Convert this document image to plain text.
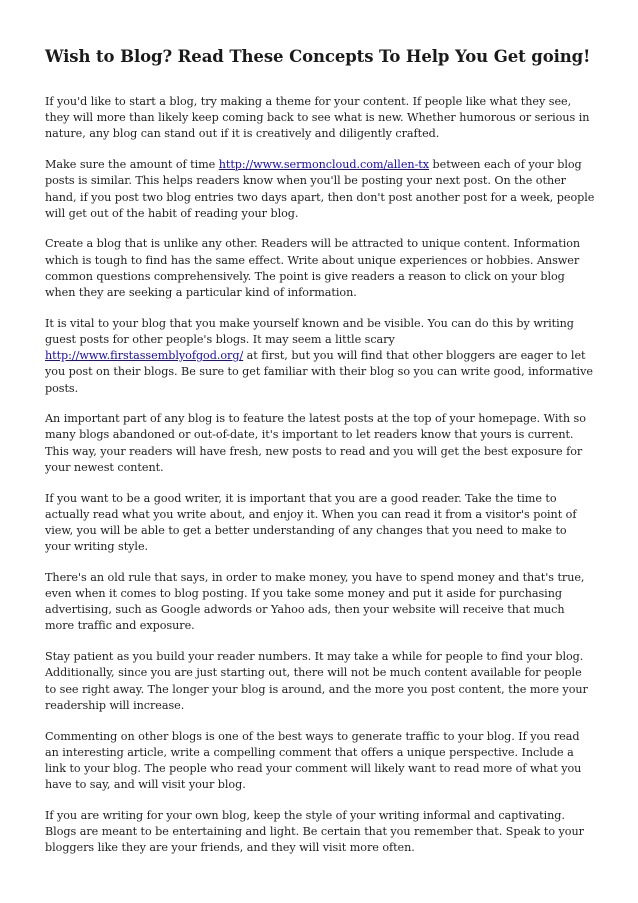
Wish to Blog? Read These Concepts To Help You Get going!

If you'd like to start a blog, try making a theme for your content. If people like what they see, they will more than likely keep coming back to see what is new. Whether humorous or serious in nature, any blog can stand out if it is creatively and diligently crafted.

Make sure the amount of time http://www.sermoncloud.com/allen-tx between each of your blog posts is similar. This helps readers know when you'll be posting your next post. On the other hand, if you post two blog entries two days apart, then don't post another post for a week, people will get out of the habit of reading your blog.

Create a blog that is unlike any other. Readers will be attracted to unique content. Information which is tough to find has the same effect. Write about unique experiences or hobbies. Answer common questions comprehensively. The point is give readers a reason to click on your blog when they are seeking a particular kind of information.

It is vital to your blog that you make yourself known and be visible. You can do this by writing guest posts for other people's blogs. It may seem a little scary http://www.firstassemblyofgod.org/ at first, but you will find that other bloggers are eager to let you post on their blogs. Be sure to get familiar with their blog so you can write good, informative posts.

An important part of any blog is to feature the latest posts at the top of your homepage. With so many blogs abandoned or out-of-date, it's important to let readers know that yours is current. This way, your readers will have fresh, new posts to read and you will get the best exposure for your newest content.

If you want to be a good writer, it is important that you are a good reader. Take the time to actually read what you write about, and enjoy it. When you can read it from a visitor's point of view, you will be able to get a better understanding of any changes that you need to make to your writing style.

There's an old rule that says, in order to make money, you have to spend money and that's true, even when it comes to blog posting. If you take some money and put it aside for purchasing advertising, such as Google adwords or Yahoo ads, then your website will receive that much more traffic and exposure.

Stay patient as you build your reader numbers. It may take a while for people to find your blog. Additionally, since you are just starting out, there will not be much content available for people to see right away. The longer your blog is around, and the more you post content, the more your readership will increase.

Commenting on other blogs is one of the best ways to generate traffic to your blog. If you read an interesting article, write a compelling comment that offers a unique perspective. Include a link to your blog. The people who read your comment will likely want to read more of what you have to say, and will visit your blog.

If you are writing for your own blog, keep the style of your writing informal and captivating. Blogs are meant to be entertaining and light. Be certain that you remember that. Speak to your bloggers like they are your friends, and they will visit more often.
